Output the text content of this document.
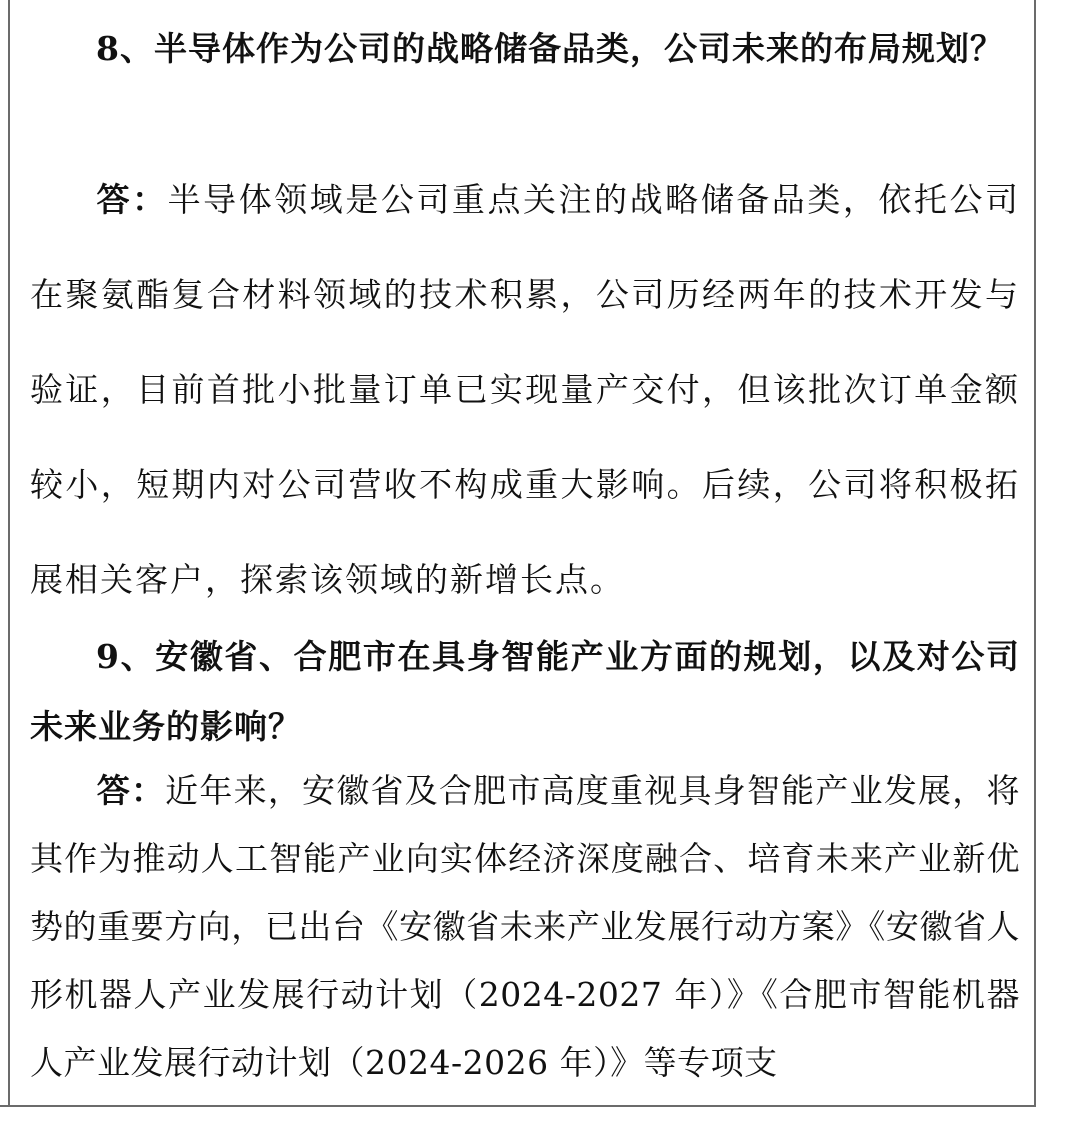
8、半导体作为公司的战略储备品类，公司未来的布局规划？

答：半导体领域是公司重点关注的战略储备品类，依托公司在聚氨酯复合材料领域的技术积累，公司历经两年的技术开发与验证，目前首批小批量订单已实现量产交付，但该批次订单金额较小，短期内对公司营收不构成重大影响。后续，公司将积极拓展相关客户，探索该领域的新增长点。

9、安徽省、合肥市在具身智能产业方面的规划，以及对公司未来业务的影响？

答：近年来，安徽省及合肥市高度重视具身智能产业发展，将其作为推动人工智能产业向实体经济深度融合、培育未来产业新优势的重要方向，已出台《安徽省未来产业发展行动方案》《安徽省人形机器人产业发展行动计划（2024-2027 年）》《合肥市智能机器人产业发展行动计划（2024-2026 年）》等专项支
